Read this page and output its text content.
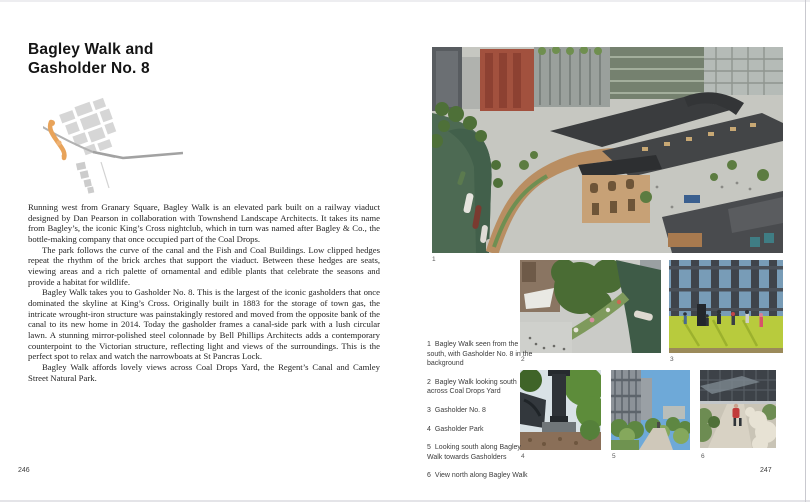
Bagley Walk and
Gasholder No. 8

Running west from Granary Square, Bagley Walk is an elevated park built on a railway viaduct designed by Dan Pearson in collaboration with Townshend Landscape Architects. It takes its name from Bagley’s, the iconic King’s Cross nightclub, which in turn was named after Bagley & Co., the bottle-making company that once occupied part of the Coal Drops.

The park follows the curve of the canal and the Fish and Coal Buildings. Low clipped hedges repeat the rhythm of the brick arches that support the viaduct. Between these hedges are seats, viewing areas and a rich palette of ornamental and edible plants that celebrate the seasons and provide a habitat for wildlife.

Bagley Walk takes you to Gasholder No. 8. This is the largest of the iconic gasholders that once dominated the skyline at King’s Cross. Originally built in 1883 for the storage of town gas, the intricate wrought-iron structure was painstakingly restored and moved from the opposite bank of the canal to its new home in 2014. Today the gasholder frames a canal-side park with a lush circular lawn. A stunning mirror-polished steel colonnade by Bell Phillips Architects adds a contemporary counterpoint to the Victorian structure, reflecting light and views of the surroundings. This is the perfect spot to relax and watch the narrowboats at St Pancras Lock.

Bagley Walk affords lovely views across Coal Drops Yard, the Regent’s Canal and Camley Street Natural Park.

246
1
2	3
4	5	6
1 Bagley Walk seen from the south, with Gasholder No. 8 in the background
2 Bagley Walk looking south across Coal Drops Yard
3 Gasholder No. 8
4 Gasholder Park
5 Looking south along Bagley Walk towards Gasholders
6 View north along Bagley Walk
247
